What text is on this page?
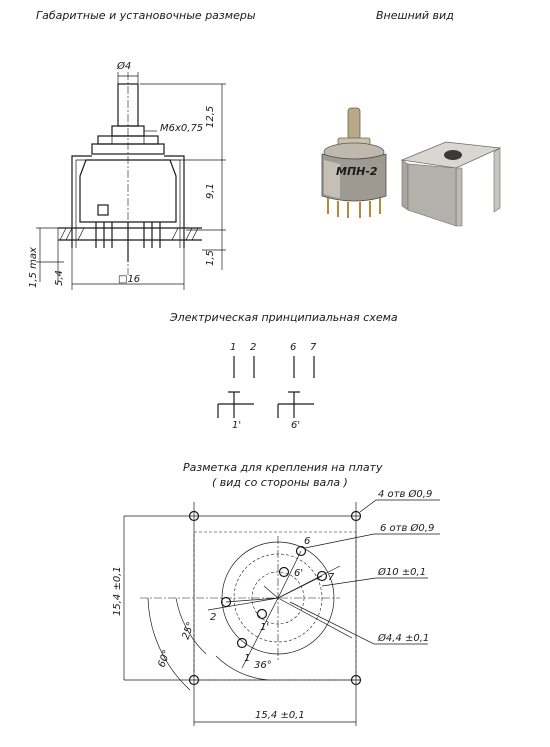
Габаритные и установочные размеры	Внешний вид
Электрическая принципиальная схема
Разметка для крепления на плату
( вид со стороны вала )
Ø4
М6х0,75
12,5
9,1
1,5
1,5 max 5,4	□16
МПН-2
1 2	6 7
1'	6'
4 отв Ø0,9
6 отв Ø0,9
Ø10 ±0,1
Ø4,4 ±0,1
15,4 ±0,1
15,4 ±0,1
60°
25°
36°
6
6' 7
2
1'
1
